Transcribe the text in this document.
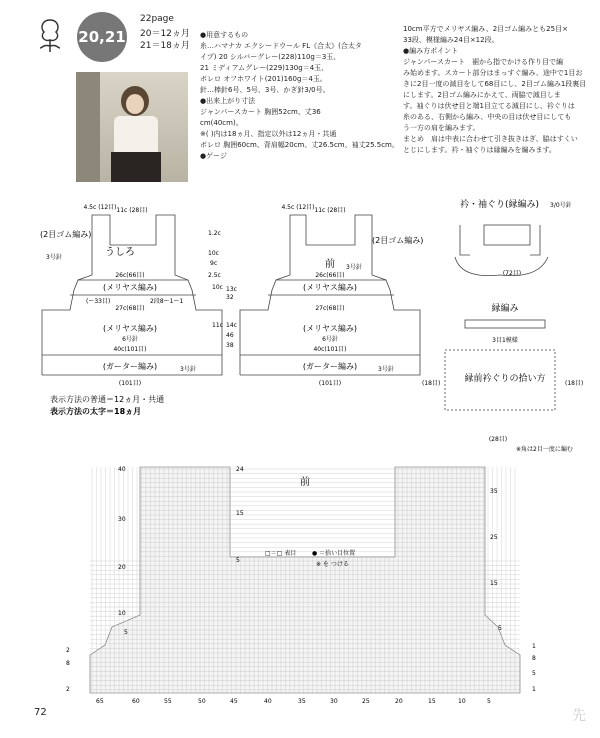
20,21
22page
20＝12ヵ月
21＝18ヵ月
●用意するもの
糸…ハマナカ エクシードウール FL《合太》(合太タ
イプ) 20 シルバーグレー(228)110g＝3玉、
21 ミディアムグレー(229)130g＝4玉、
ボレロ オフホワイト(201)160g＝4玉。
針…棒針6号、5号、3号、かぎ針3/0号。
●出来上がり寸法
ジャンパースカート 胸囲52cm、丈36
cm(40cm)。
※( )内は18ヵ月、指定以外は12ヵ月・共通
ボレロ 胸囲60cm、背肩幅20cm、丈26.5cm、袖丈25.5cm。
●ゲージ
10cm平方でメリヤス編み、2目ゴム編みとも25目×
33段、模様編み24目×12段。
●編み方ポイント
ジャンパースカート　裾から指でかける作り目で編
み始めます。スカート部分はまっすぐ編み、途中で1目お
きに2目一度の減目をして68目にし、2目ゴム編み1段裏目
にします。2目ゴム編みにかえて、両脇で減目しま
す。袖ぐりは伏せ目と端1目立てる減目にし、衿ぐりは
糸のある、右側から編み、中央の目は伏せ目にしても
う一方の肩を編みます。
まとめ　肩は中表に合わせて引き抜きはぎ、脇はすくい
とじにします。衿・袖ぐりは縁編みを編みます。
うしろ
(2目ゴム編み)
3号針
(メリヤス編み)
(メリヤス編み)
6号針
40c(101目)
(ガーター編み)	3号針
(101目)
27c(68目)
26c(66目)
4.5c (12目) 11c (28目)
(ー33目)	2段8ー1ー1
1.2c
10c
9c
2.5c
10c
32
13c
11c
46
14c
38
前
(2目ゴム編み)
3号針
(メリヤス編み)
(メリヤス編み)
6号針
40c(101目)
(ガーター編み)	3号針
(101目)
27c(68目)
26c(66目)
4.5c (12目) 11c (28目)
衿・袖ぐり(縁編み) 3/0号針
(72目)
縁編み
3目1模様
縁前衿ぐりの拾い方
(18目)	(18目)
(28目)
※角は2目一度に編む
表示方法の普通＝12ヵ月・共通
表示方法の太字＝18ヵ月
前
□＝□ 表目	● ＝拾い目位置
※ を つける
40
30
20
10
2
8
5
2
24
15
5
35
25
15
5
1
8
5
1
5
10
15
20
25
30
35
40
45
50
55
60
65
72	先
